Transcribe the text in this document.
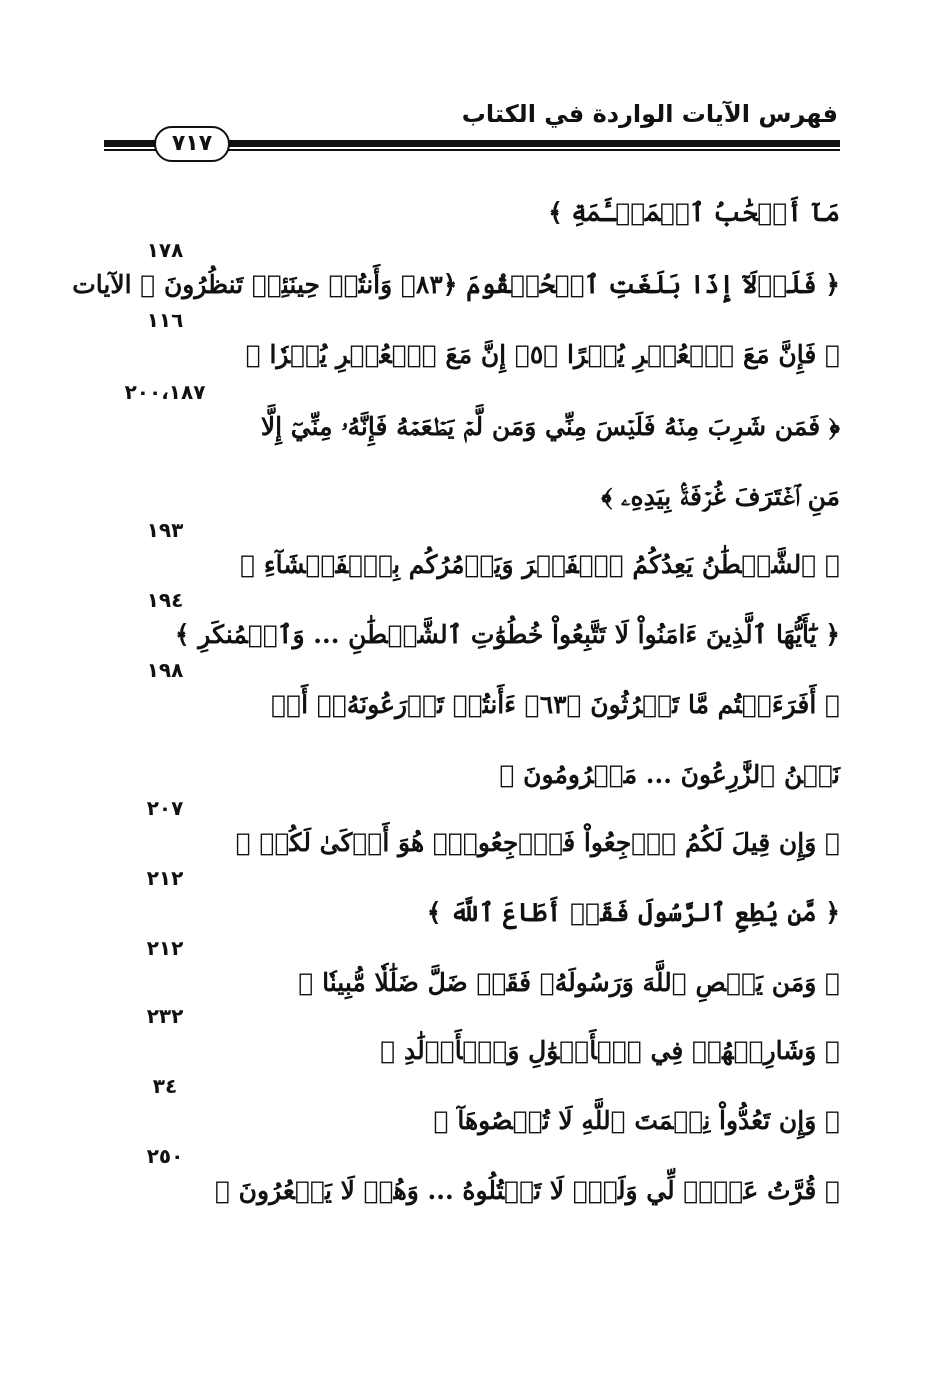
فهرس الآيات الواردة في الكتاب
٧١٧
مَآ أَصۡحَٰبُ ٱلۡمَشۡـَٔمَةِ ﴾
﴿ فَلَوۡلَآ إِذَا بَلَغَتِ ٱلۡحُلۡقُومَ ﴿٨٣﴾ وَأَنتُمۡ حِينَئِذٖ تَنظُرُونَ ﴾ الآيات
١٧٨
﴿ فَإِنَّ مَعَ ٱلۡعُسۡرِ يُسۡرًا ﴿٥﴾ إِنَّ مَعَ ٱلۡعُسۡرِ يُسۡرٗا ﴾
١١٦
﴿ فَمَن شَرِبَ مِنۡهُ فَلَيۡسَ مِنِّي وَمَن لَّمۡ يَطۡعَمۡهُ فَإِنَّهُۥ مِنِّيٓ إِلَّا مَنِ ٱغۡتَرَفَ غُرۡفَةَۢ بِيَدِهِۦ ﴾
٢٠٠،١٨٧
﴿ ٱلشَّيۡطَٰنُ يَعِدُكُمُ ٱلۡفَقۡرَ وَيَأۡمُرُكُم بِٱلۡفَحۡشَآءِ ﴾
١٩٣
﴿ يَٰٓأَيُّهَا ٱلَّذِينَ ءَامَنُواْ لَا تَتَّبِعُواْ خُطُوَٰتِ ٱلشَّيۡطَٰنِ ... وَٱلۡمُنكَرِ ﴾
١٩٤
﴿ أَفَرَءَيۡتُم مَّا تَحۡرُثُونَ ﴿٦٣﴾ ءَأَنتُمۡ تَزۡرَعُونَهُۥٓ أَمۡ نَحۡنُ ٱلزَّٰرِعُونَ ... مَحۡرُومُونَ ﴾
١٩٨
﴿ وَإِن قِيلَ لَكُمُ ٱرۡجِعُواْ فَٱرۡجِعُواْۖ هُوَ أَزۡكَىٰ لَكُمۡ ﴾
٢٠٧
﴿ مَّن يُطِعِ ٱلرَّسُولَ فَقَدۡ أَطَاعَ ٱللَّهَ ﴾
٢١٢
﴿ وَمَن يَعۡصِ ٱللَّهَ وَرَسُولَهُۥ فَقَدۡ ضَلَّ ضَلَٰلٗا مُّبِينٗا ﴾
٢١٢
﴿ وَشَارِكۡهُمۡ فِي ٱلۡأَمۡوَٰلِ وَٱلۡأَوۡلَٰدِ ﴾
٢٣٢
﴿ وَإِن تَعُدُّواْ نِعۡمَتَ ٱللَّهِ لَا تُحۡصُوهَآ ﴾
٣٤
﴿ قُرَّتُ عَيۡنٖ لِّي وَلَكَۖ لَا تَقۡتُلُوهُ ... وَهُمۡ لَا يَشۡعُرُونَ ﴾
٢٥٠
